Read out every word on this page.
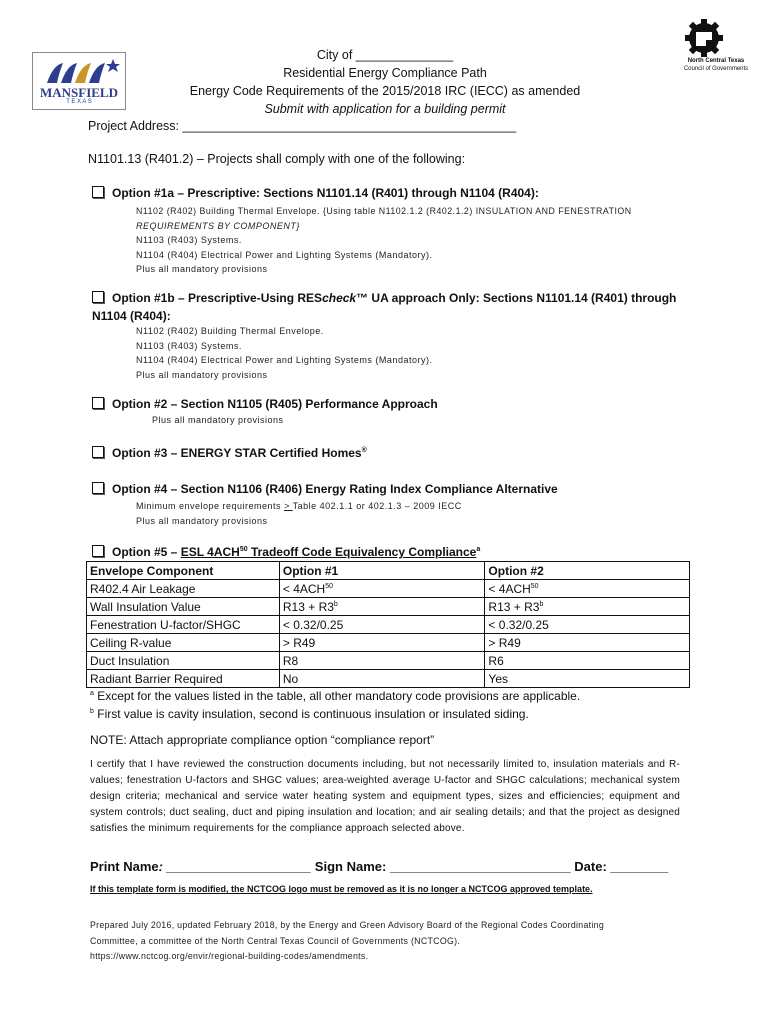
MANSFIELD
T E X A S
North Central Texas
Council of Governments
City of ______________
Residential Energy Compliance Path
Energy Code Requirements of the 2015/2018 IRC (IECC) as amended
Submit with application for a building permit
Project Address: ________________________________________________
N1101.13 (R401.2) – Projects shall comply with one of the following:
Option #1a – Prescriptive: Sections N1101.14 (R401) through N1104 (R404):
N1102 (R402) Building Thermal Envelope. {Using table N1102.1.2 (R402.1.2) INSULATION AND FENESTRATION
REQUIREMENTS BY COMPONENT}
N1103 (R403) Systems.
N1104 (R404) Electrical Power and Lighting Systems (Mandatory).
Plus all mandatory provisions
Option #1b – Prescriptive-Using REScheck™ UA approach Only: Sections N1101.14 (R401) through
N1104 (R404):
N1102 (R402) Building Thermal Envelope.
N1103 (R403) Systems.
N1104 (R404) Electrical Power and Lighting Systems (Mandatory).
Plus all mandatory provisions
Option #2 – Section N1105 (R405) Performance Approach
Plus all mandatory provisions
Option #3 – ENERGY STAR Certified Homes®
Option #4 – Section N1106 (R406) Energy Rating Index Compliance Alternative
Minimum envelope requirements > Table 402.1.1 or 402.1.3 – 2009 IECC
Plus all mandatory provisions
Option #5 – ESL 4ACH$^{50}$ Tradeoff Code Equivalency Compliance$^a$
Envelope Component	Option #1	Option #2
R402.4 Air Leakage	< $4ACH^{50}$	< $4ACH^{50}$
Wall Insulation Value	$R13 + R3^b$	$R13 + R3^b$
Fenestration U-factor/SHGC	< 0.32/0.25	< 0.32/0.25
Ceiling R-value	> R49	> R49
Duct Insulation	R8	R6
Radiant Barrier Required	No	Yes
$^a$ Except for the values listed in the table, all other mandatory code provisions are applicable.
$^b$ First value is cavity insulation, second is continuous insulation or insulated siding.
NOTE: Attach appropriate compliance option “compliance report”
I certify that I have reviewed the construction documents including, but not necessarily limited to, insulation materials and R-values; fenestration U-factors and SHGC values; area-weighted average U-factor and SHGC calculations; mechanical system design criteria; mechanical and service water heating system and equipment types, sizes and efficiencies; equipment and system controls; duct sealing, duct and piping insulation and location; and air sealing details; and that the project as designed satisfies the minimum requirements for the compliance approach selected above.
Print Name: ____________________ Sign Name: _________________________ Date: ________
If this template form is modified, the NCTCOG logo must be removed as it is no longer a NCTCOG approved template.
Prepared July 2016, updated February 2018, by the Energy and Green Advisory Board of the Regional Codes Coordinating
Committee, a committee of the North Central Texas Council of Governments (NCTCOG).
https://www.nctcog.org/envir/regional-building-codes/amendments.
